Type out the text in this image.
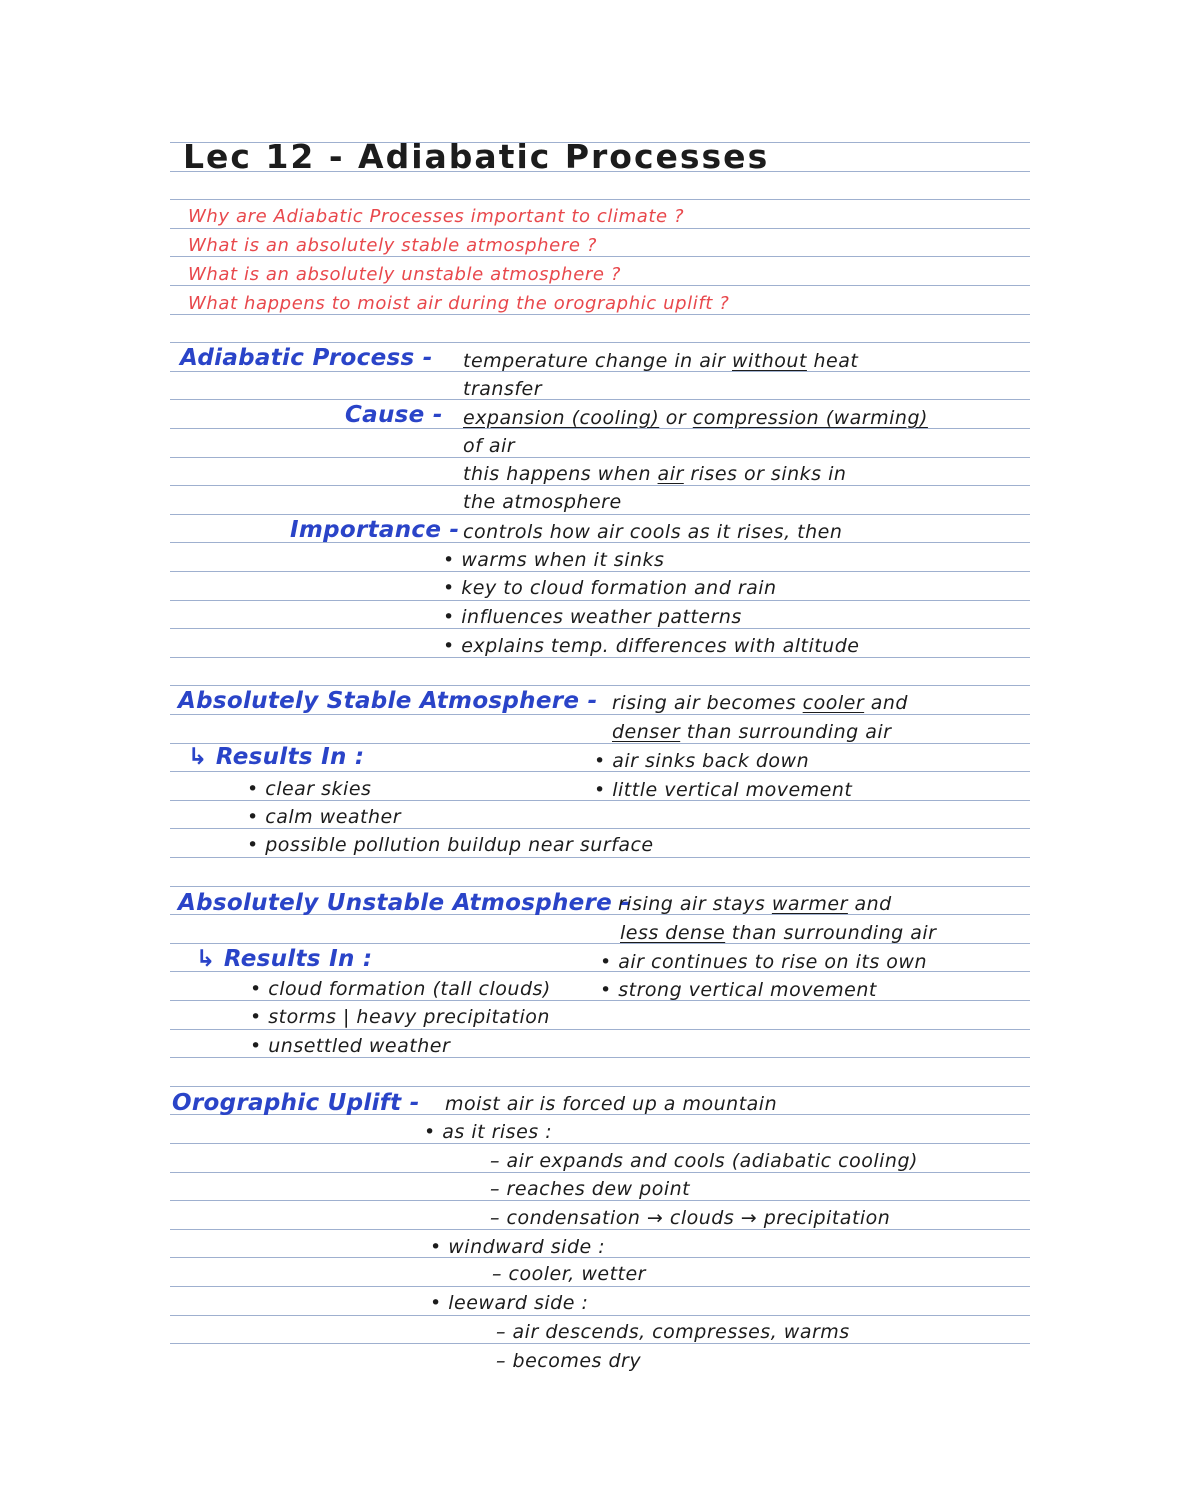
Lec 12 - Adiabatic Processes
Why are Adiabatic Processes important to climate ?
What is an absolutely stable atmosphere ?
What is an absolutely unstable atmosphere ?
What happens to moist air during the orographic uplift ?
Adiabatic Process - temperature change in air without heat
transfer
Cause - expansion (cooling) or compression (warming)
of air
this happens when air rises or sinks in
the atmosphere
Importance - controls how air cools as it rises, then
• warms when it sinks
• key to cloud formation and rain
• influences weather patterns
• explains temp. differences with altitude
Absolutely Stable Atmosphere - rising air becomes cooler and
denser than surrounding air
• air sinks back down
• little vertical movement
↳ Results In :
• clear skies
• calm weather
• possible pollution buildup near surface
Absolutely Unstable Atmosphere -
rising air stays warmer and
less dense than surrounding air
• air continues to rise on its own
• strong vertical movement
↳ Results In :
• cloud formation (tall clouds)
• storms | heavy precipitation
• unsettled weather
Orographic Uplift - moist air is forced up a mountain
• as it rises :
– air expands and cools (adiabatic cooling)
– reaches dew point
– condensation → clouds → precipitation
• windward side :
– cooler, wetter
• leeward side :
– air descends, compresses, warms
– becomes dry
